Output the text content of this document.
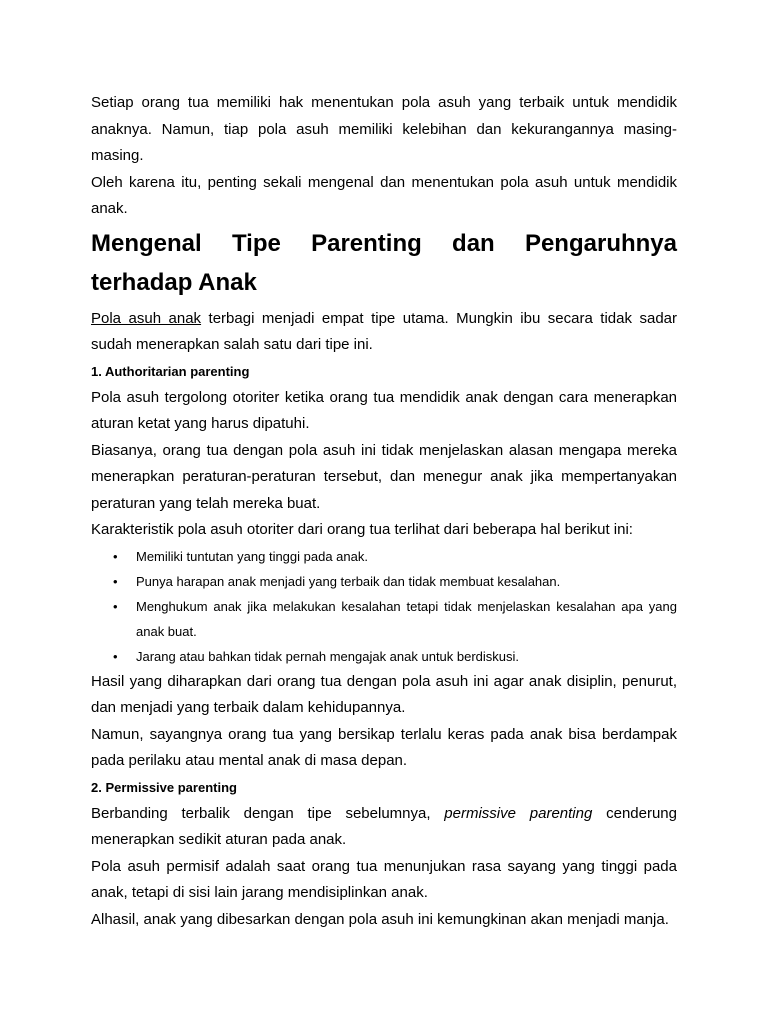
Setiap orang tua memiliki hak menentukan pola asuh yang terbaik untuk mendidik anaknya. Namun, tiap pola asuh memiliki kelebihan dan kekurangannya masing-masing.

Oleh karena itu, penting sekali mengenal dan menentukan pola asuh untuk mendidik anak.

Mengenal Tipe Parenting dan Pengaruhnya terhadap Anak

Pola asuh anak terbagi menjadi empat tipe utama. Mungkin ibu secara tidak sadar sudah menerapkan salah satu dari tipe ini.

1. Authoritarian parenting

Pola asuh tergolong otoriter ketika orang tua mendidik anak dengan cara menerapkan aturan ketat yang harus dipatuhi.

Biasanya, orang tua dengan pola asuh ini tidak menjelaskan alasan mengapa mereka menerapkan peraturan-peraturan tersebut, dan menegur anak jika mempertanyakan peraturan yang telah mereka buat.

Karakteristik pola asuh otoriter dari orang tua terlihat dari beberapa hal berikut ini:

• Memiliki tuntutan yang tinggi pada anak.
• Punya harapan anak menjadi yang terbaik dan tidak membuat kesalahan.
• Menghukum anak jika melakukan kesalahan tetapi tidak menjelaskan kesalahan apa yang anak buat.
• Jarang atau bahkan tidak pernah mengajak anak untuk berdiskusi.

Hasil yang diharapkan dari orang tua dengan pola asuh ini agar anak disiplin, penurut, dan menjadi yang terbaik dalam kehidupannya.

Namun, sayangnya orang tua yang bersikap terlalu keras pada anak bisa berdampak pada perilaku atau mental anak di masa depan.

2. Permissive parenting

Berbanding terbalik dengan tipe sebelumnya, permissive parenting cenderung menerapkan sedikit aturan pada anak.

Pola asuh permisif adalah saat orang tua menunjukan rasa sayang yang tinggi pada anak, tetapi di sisi lain jarang mendisiplinkan anak.

Alhasil, anak yang dibesarkan dengan pola asuh ini kemungkinan akan menjadi manja.
